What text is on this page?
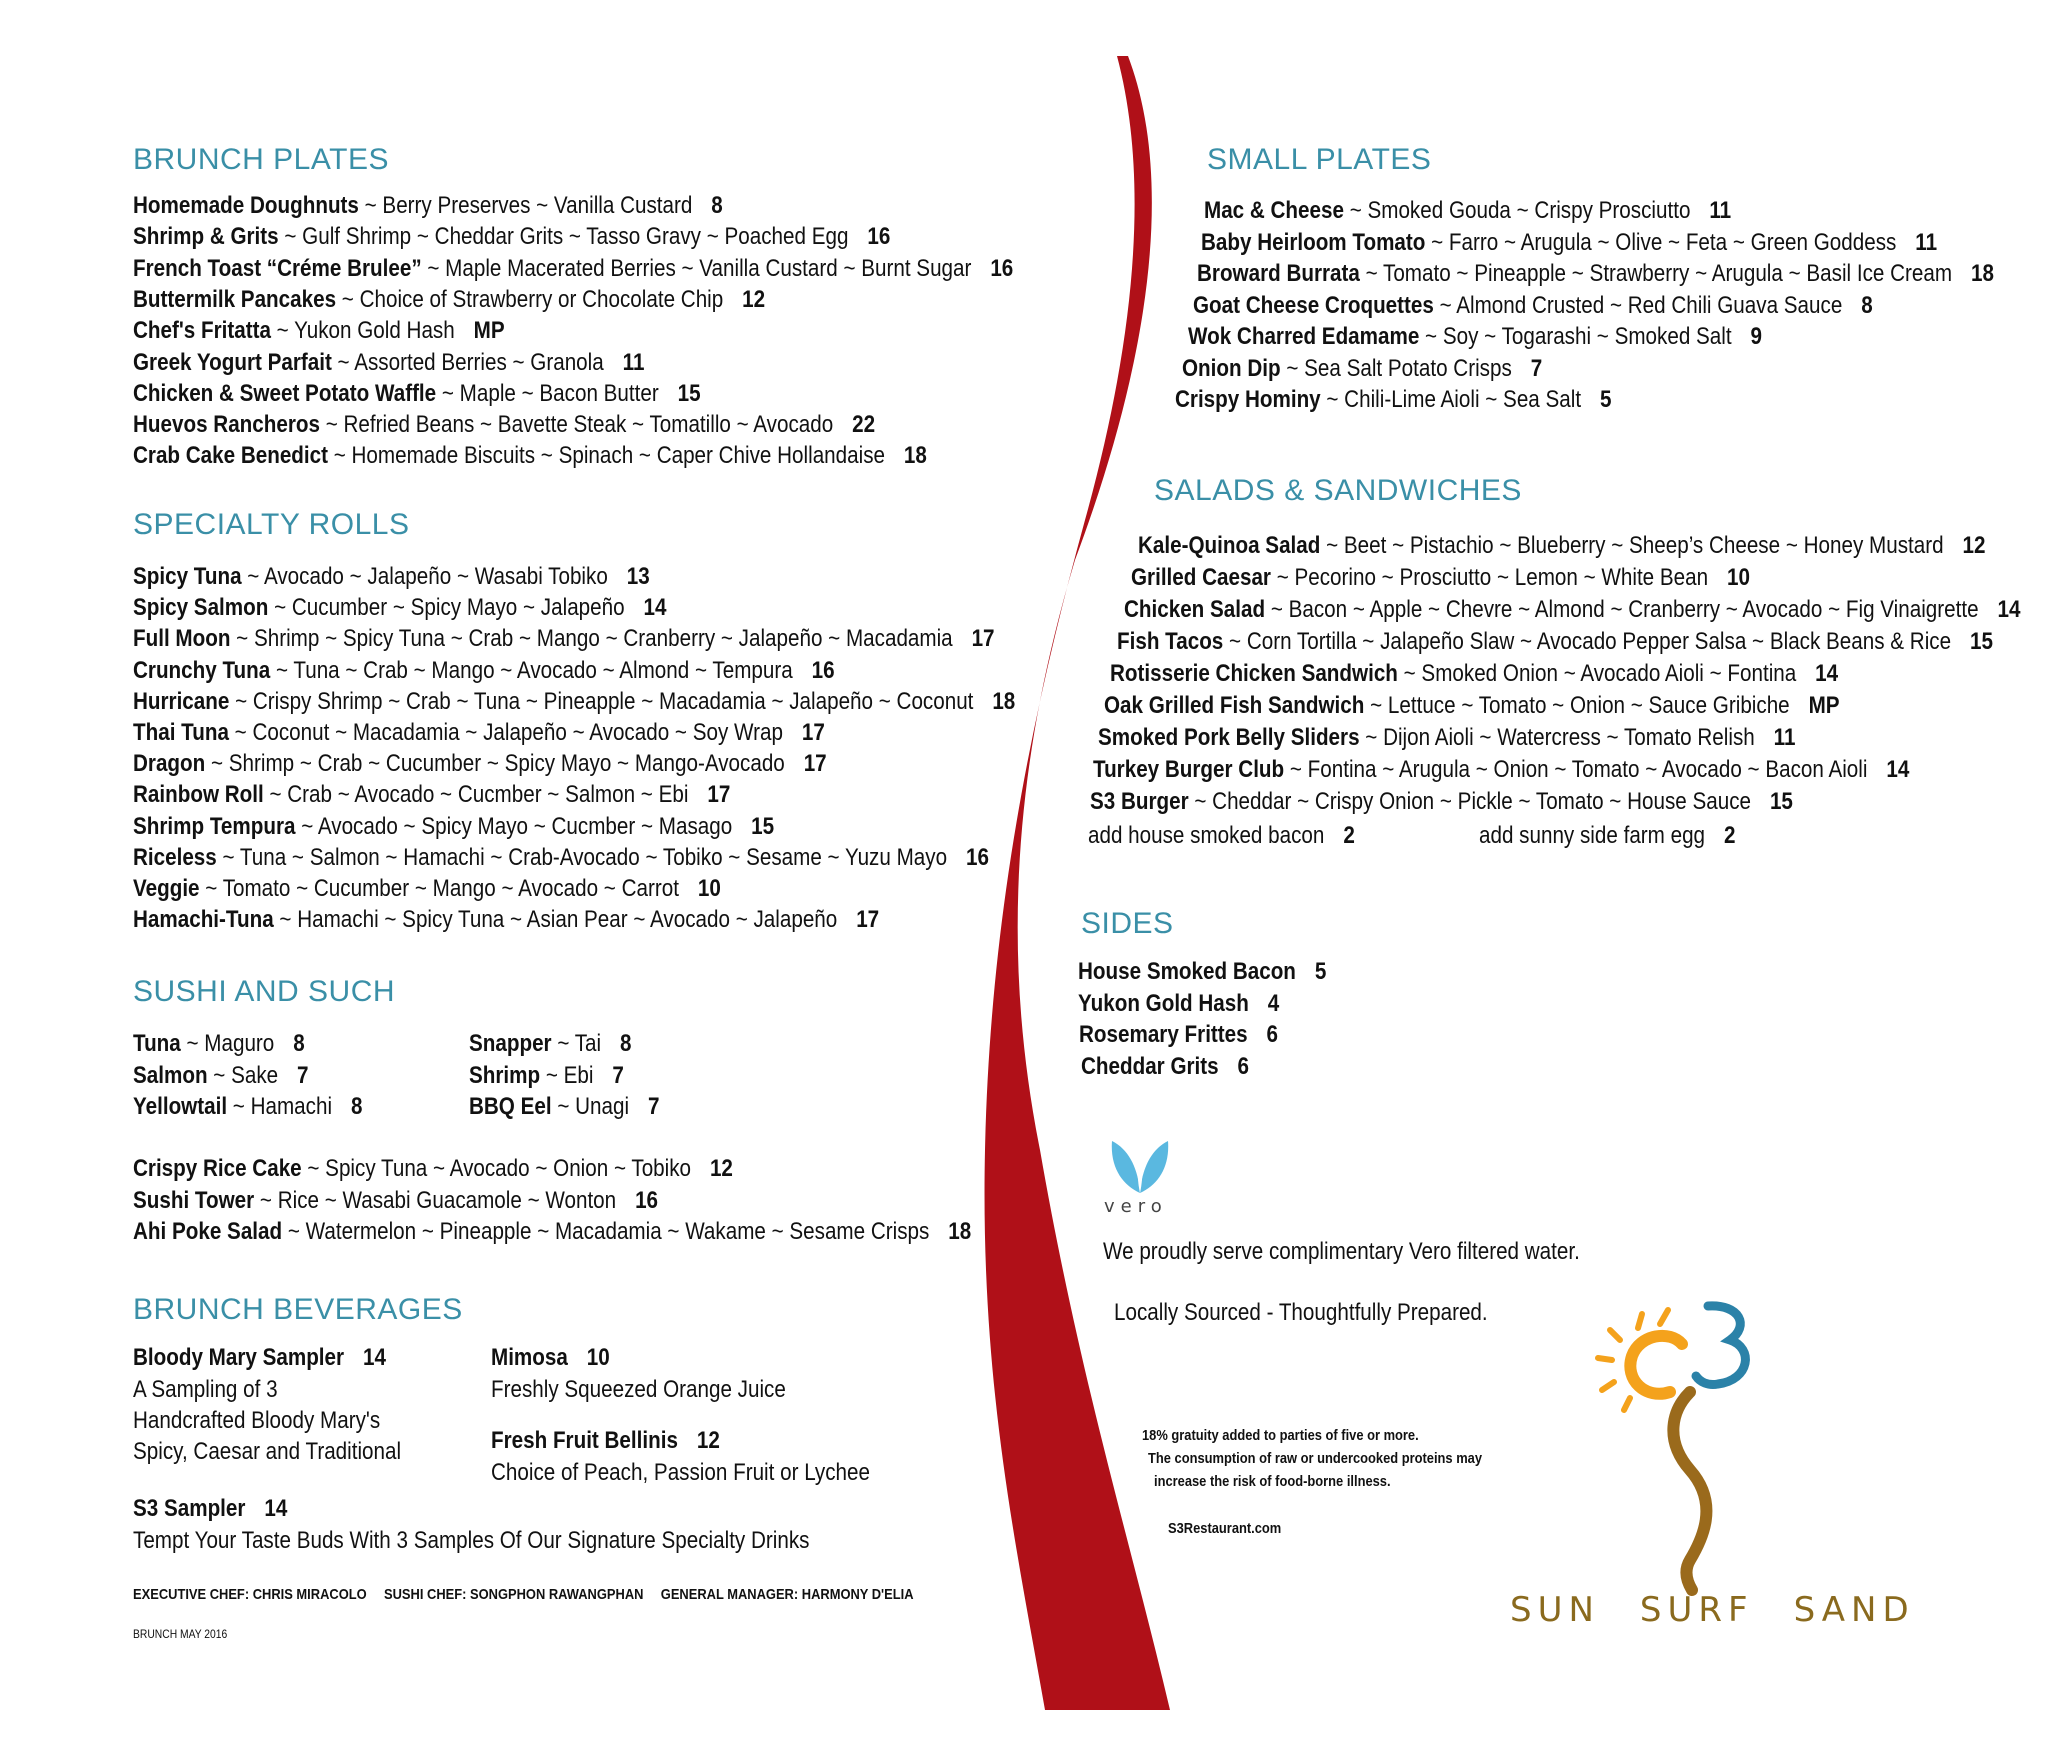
BRUNCH PLATES
Homemade Doughnuts ~ Berry Preserves ~ Vanilla Custard 8
Shrimp & Grits ~ Gulf Shrimp ~ Cheddar Grits ~ Tasso Gravy ~ Poached Egg 16
French Toast “Créme Brulee” ~ Maple Macerated Berries ~ Vanilla Custard ~ Burnt Sugar 16
Buttermilk Pancakes ~ Choice of Strawberry or Chocolate Chip 12
Chef's Fritatta ~ Yukon Gold Hash MP
Greek Yogurt Parfait ~ Assorted Berries ~ Granola 11
Chicken & Sweet Potato Waffle ~ Maple ~ Bacon Butter 15
Huevos Rancheros ~ Refried Beans ~ Bavette Steak ~ Tomatillo ~ Avocado 22
Crab Cake Benedict ~ Homemade Biscuits ~ Spinach ~ Caper Chive Hollandaise 18
SPECIALTY ROLLS
Spicy Tuna ~ Avocado ~ Jalapeño ~ Wasabi Tobiko 13
Spicy Salmon ~ Cucumber ~ Spicy Mayo ~ Jalapeño 14
Full Moon ~ Shrimp ~ Spicy Tuna ~ Crab ~ Mango ~ Cranberry ~ Jalapeño ~ Macadamia 17
Crunchy Tuna ~ Tuna ~ Crab ~ Mango ~ Avocado ~ Almond ~ Tempura 16
Hurricane ~ Crispy Shrimp ~ Crab ~ Tuna ~ Pineapple ~ Macadamia ~ Jalapeño ~ Coconut 18
Thai Tuna ~ Coconut ~ Macadamia ~ Jalapeño ~ Avocado ~ Soy Wrap 17
Dragon ~ Shrimp ~ Crab ~ Cucumber ~ Spicy Mayo ~ Mango-Avocado 17
Rainbow Roll ~ Crab ~ Avocado ~ Cucmber ~ Salmon ~ Ebi 17
Shrimp Tempura ~ Avocado ~ Spicy Mayo ~ Cucmber ~ Masago 15
Riceless ~ Tuna ~ Salmon ~ Hamachi ~ Crab-Avocado ~ Tobiko ~ Sesame ~ Yuzu Mayo 16
Veggie ~ Tomato ~ Cucumber ~ Mango ~ Avocado ~ Carrot 10
Hamachi-Tuna ~ Hamachi ~ Spicy Tuna ~ Asian Pear ~ Avocado ~ Jalapeño 17
SUSHI AND SUCH
Tuna ~ Maguro 8
Salmon ~ Sake 7
Yellowtail ~ Hamachi 8
Snapper ~ Tai 8
Shrimp ~ Ebi 7
BBQ Eel ~ Unagi 7
Crispy Rice Cake ~ Spicy Tuna ~ Avocado ~ Onion ~ Tobiko 12
Sushi Tower ~ Rice ~ Wasabi Guacamole ~ Wonton 16
Ahi Poke Salad ~ Watermelon ~ Pineapple ~ Macadamia ~ Wakame ~ Sesame Crisps 18
BRUNCH BEVERAGES
Bloody Mary Sampler 14
A Sampling of 3
Handcrafted Bloody Mary's
Spicy, Caesar and Traditional
Mimosa 10
Freshly Squeezed Orange Juice
Fresh Fruit Bellinis 12
Choice of Peach, Passion Fruit or Lychee
S3 Sampler 14
Tempt Your Taste Buds With 3 Samples Of Our Signature Specialty Drinks
EXECUTIVE CHEF: CHRIS MIRACOLO SUSHI CHEF: SONGPHON RAWANGPHAN GENERAL MANAGER: HARMONY D'ELIA
BRUNCH MAY 2016
SMALL PLATES
Mac & Cheese ~ Smoked Gouda ~ Crispy Prosciutto 11
Baby Heirloom Tomato ~ Farro ~ Arugula ~ Olive ~ Feta ~ Green Goddess 11
Broward Burrata ~ Tomato ~ Pineapple ~ Strawberry ~ Arugula ~ Basil Ice Cream 18
Goat Cheese Croquettes ~ Almond Crusted ~ Red Chili Guava Sauce 8
Wok Charred Edamame ~ Soy ~ Togarashi ~ Smoked Salt 9
Onion Dip ~ Sea Salt Potato Crisps 7
Crispy Hominy ~ Chili-Lime Aioli ~ Sea Salt 5
SALADS & SANDWICHES
Kale-Quinoa Salad ~ Beet ~ Pistachio ~ Blueberry ~ Sheep’s Cheese ~ Honey Mustard 12
Grilled Caesar ~ Pecorino ~ Prosciutto ~ Lemon ~ White Bean 10
Chicken Salad ~ Bacon ~ Apple ~ Chevre ~ Almond ~ Cranberry ~ Avocado ~ Fig Vinaigrette 14
Fish Tacos ~ Corn Tortilla ~ Jalapeño Slaw ~ Avocado Pepper Salsa ~ Black Beans & Rice 15
Rotisserie Chicken Sandwich ~ Smoked Onion ~ Avocado Aioli ~ Fontina 14
Oak Grilled Fish Sandwich ~ Lettuce ~ Tomato ~ Onion ~ Sauce Gribiche MP
Smoked Pork Belly Sliders ~ Dijon Aioli ~ Watercress ~ Tomato Relish 11
Turkey Burger Club ~ Fontina ~ Arugula ~ Onion ~ Tomato ~ Avocado ~ Bacon Aioli 14
S3 Burger ~ Cheddar ~ Crispy Onion ~ Pickle ~ Tomato ~ House Sauce 15
add house smoked bacon 2	add sunny side farm egg 2
SIDES
House Smoked Bacon 5
Yukon Gold Hash 4
Rosemary Frittes 6
Cheddar Grits 6
vero
We proudly serve complimentary Vero filtered water.
Locally Sourced - Thoughtfully Prepared.
18% gratuity added to parties of five or more.
The consumption of raw or undercooked proteins may
increase the risk of food-borne illness.
S3Restaurant.com
SUN SURF SAND
